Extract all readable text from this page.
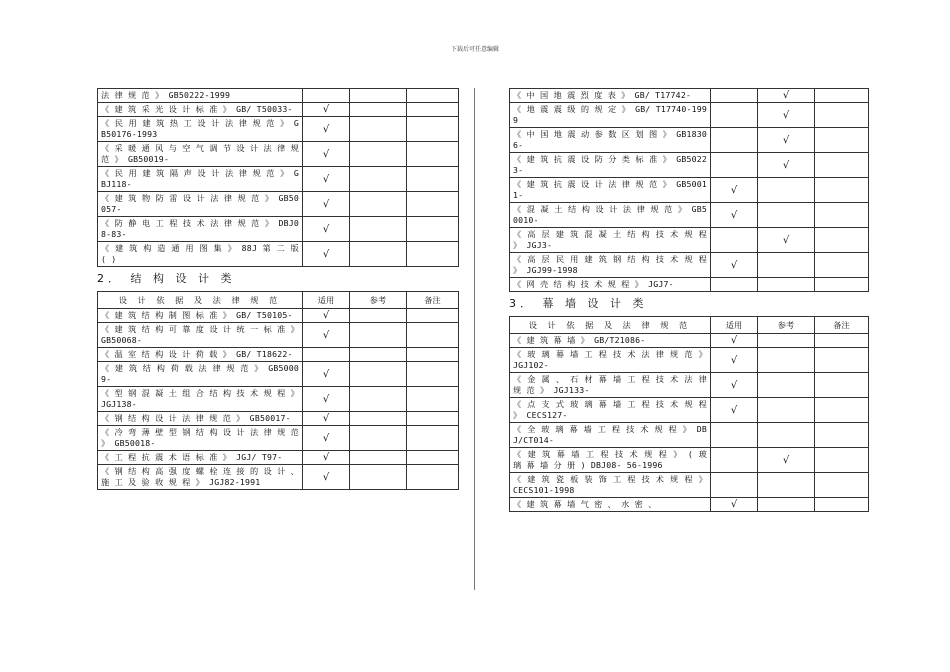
下载后可任意编辑
法 律 规 范 》 GB50222-1999			
《 建 筑 采 光 设 计 标 准 》 GB/ T50033-	√		
《 民 用 建 筑 热 工 设 计 法 律 规 范 》 GB50176-1993	√		
《 采 暖 通 风 与 空 气 调 节 设 计 法 律 规 范 》 GB50019-	√		
《 民 用 建 筑 隔 声 设 计 法 律 规 范 》 GBJ118-	√		
《 建 筑 物 防 雷 设 计 法 律 规 范 》 GB50057-	√		
《 防 静 电 工 程 技 术 法 律 规 范 》 DBJ08-83-	√		
《 建 筑 构 造 通 用 图 集 》 88J 第 二 版 ( )	√		
2． 结 构 设 计 类
设 计 依 据 及 法 律 规 范	适用	参考	备注
《 建 筑 结 构 制 图 标 准 》 GB/ T50105-	√		
《 建 筑 结 构 可 靠 度 设 计 统 一 标 准 》 GB50068-	√		
《 温 室 结 构 设 计 荷 载 》 GB/ T18622-			
《 建 筑 结 构 荷 载 法 律 规 范 》 GB50009-	√		
《 型 钢 混 凝 土 组 合 结 构 技 术 规 程 》 JGJ138-	√		
《 钢 结 构 设 计 法 律 规 范 》 GB50017-	√		
《 冷 弯 薄 壁 型 钢 结 构 设 计 法 律 规 范 》 GB50018-	√		
《 工 程 抗 震 术 语 标 准 》 JGJ/ T97-	√		
《 钢 结 构 高 强 度 螺 栓 连 接 的 设 计 、 施 工 及 验 收 规 程 》 JGJ82-1991	√		
《 中 国 地 震 烈 度 表 》 GB/ T17742-		√	
《 地 震 震 级 的 规 定 》 GB/ T17740-1999		√	
《 中 国 地 震 动 参 数 区 划 图 》 GB18306-		√	
《 建 筑 抗 震 设 防 分 类 标 准 》 GB50223-		√	
《 建 筑 抗 震 设 计 法 律 规 范 》 GB50011-	√		
《 混 凝 土 结 构 设 计 法 律 规 范 》 GB50010-	√		
《 高 层 建 筑 混 凝 土 结 构 技 术 规 程 》 JGJ3-		√	
《 高 层 民 用 建 筑 钢 结 构 技 术 规 程 》 JGJ99-1998	√		
《 网 壳 结 构 技 术 规 程 》 JGJ7-			
3． 幕 墙 设 计 类
设 计 依 据 及 法 律 规 范	适用	参考	备注
《 建 筑 幕 墙 》 GB/T21086-	√		
《 玻 璃 幕 墙 工 程 技 术 法 律 规 范 》 JGJ102-	√		
《 金 属 、 石 材 幕 墙 工 程 技 术 法 律 规 范 》 JGJ133-	√		
《 点 支 式 玻 璃 幕 墙 工 程 技 术 规 程 》 CECS127-	√		
《 全 玻 璃 幕 墙 工 程 技 术 规 程 》 DBJ/CT014-			
《 建 筑 幕 墙 工 程 技 术 规 程 》 ( 玻 璃 幕 墙 分 册 ) DBJ08- 56-1996		√	
《 建 筑 瓷 板 装 饰 工 程 技 术 规 程 》 CECS101-1998			
《 建 筑 幕 墙 气 密 、 水 密 、	√		
